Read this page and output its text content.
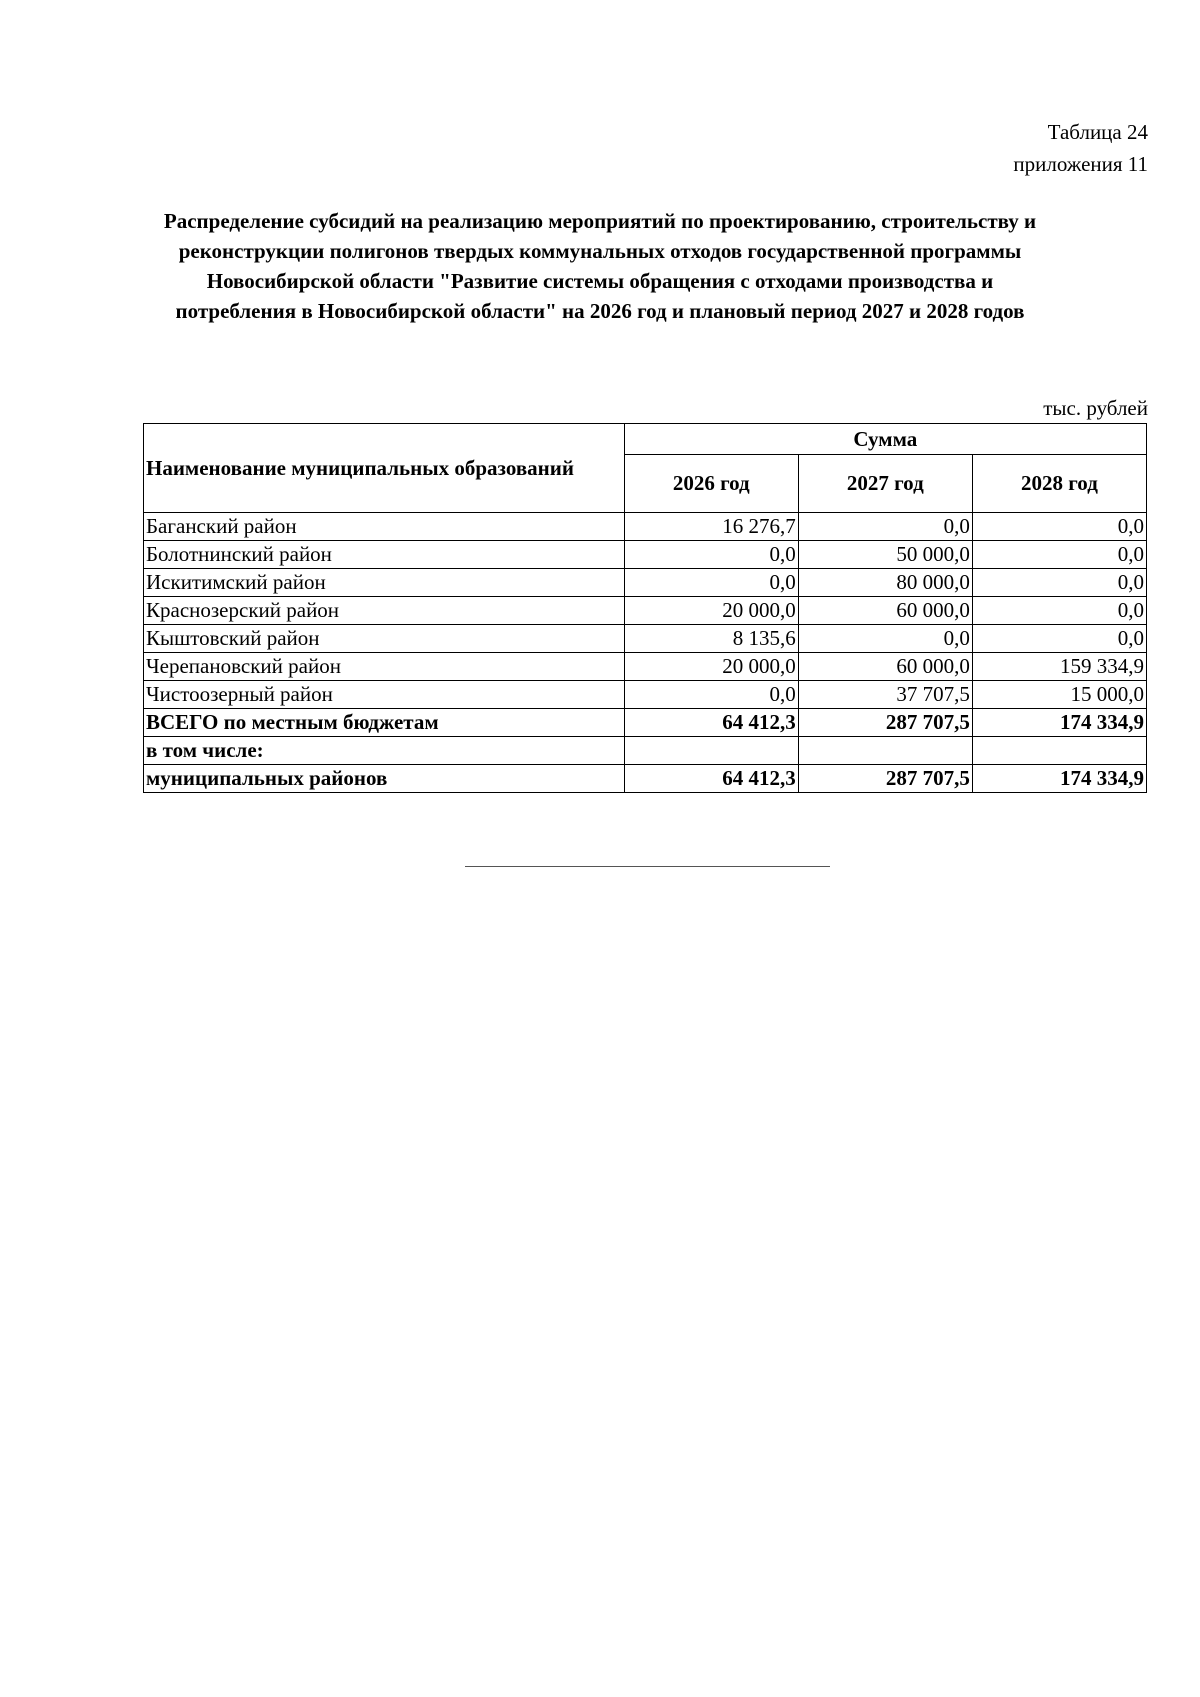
Таблица 24
приложения 11
Распределение субсидий на реализацию мероприятий по проектированию, строительству и реконструкции полигонов твердых коммунальных отходов государственной программы Новосибирской области "Развитие системы обращения с отходами производства и потребления в Новосибирской области" на 2026 год и плановый период 2027 и 2028 годов
тыс. рублей
Наименование муниципальных образований	Сумма		
	2026 год	2027 год	2028 год
Баганский район	16 276,7	0,0	0,0
Болотнинский район	0,0	50 000,0	0,0
Искитимский район	0,0	80 000,0	0,0
Краснозерский район	20 000,0	60 000,0	0,0
Кыштовский район	8 135,6	0,0	0,0
Черепановский район	20 000,0	60 000,0	159 334,9
Чистоозерный район	0,0	37 707,5	15 000,0
ВСЕГО по местным бюджетам	64 412,3	287 707,5	174 334,9
в том числе:			
муниципальных районов	64 412,3	287 707,5	174 334,9
